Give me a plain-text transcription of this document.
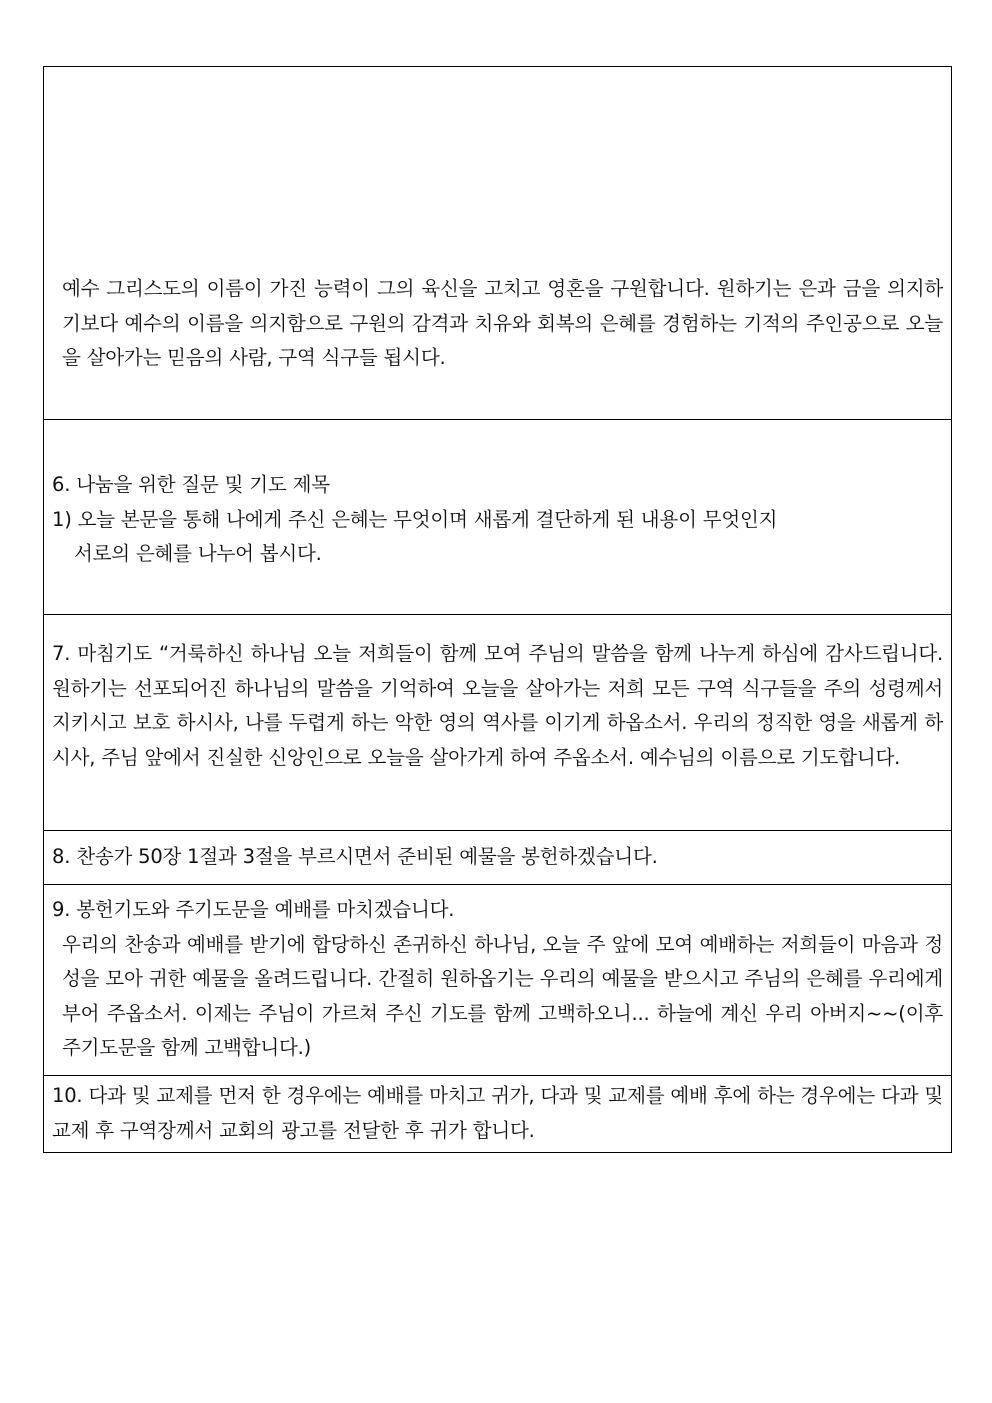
예수 그리스도의 이름이 가진 능력이 그의 육신을 고치고 영혼을 구원합니다. 원하기는 은과 금을 의지하기보다 예수의 이름을 의지함으로 구원의 감격과 치유와 회복의 은혜를 경험하는 기적의 주인공으로 오늘을 살아가는 믿음의 사람, 구역 식구들 됩시다.

6. 나눔을 위한 질문 및 기도 제목

1) 오늘 본문을 통해 나에게 주신 은혜는 무엇이며 새롭게 결단하게 된 내용이 무엇인지

서로의 은혜를 나누어 봅시다.

7. 마침기도 “거룩하신 하나님 오늘 저희들이 함께 모여 주님의 말씀을 함께 나누게 하심에 감사드립니다. 원하기는 선포되어진 하나님의 말씀을 기억하여 오늘을 살아가는 저희 모든 구역 식구들을 주의 성령께서 지키시고 보호 하시사, 나를 두렵게 하는 악한 영의 역사를 이기게 하옵소서. 우리의 정직한 영을 새롭게 하시사, 주님 앞에서 진실한 신앙인으로 오늘을 살아가게 하여 주옵소서. 예수님의 이름으로 기도합니다.

8. 찬송가 50장 1절과 3절을 부르시면서 준비된 예물을 봉헌하겠습니다.

9. 봉헌기도와 주기도문을 예배를 마치겠습니다.

우리의 찬송과 예배를 받기에 합당하신 존귀하신 하나님, 오늘 주 앞에 모여 예배하는 저희들이 마음과 정성을 모아 귀한 예물을 올려드립니다. 간절히 원하옵기는 우리의 예물을 받으시고 주님의 은혜를 우리에게 부어 주옵소서. 이제는 주님이 가르쳐 주신 기도를 함께 고백하오니... 하늘에 계신 우리 아버지~~(이후 주기도문을 함께 고백합니다.)

10. 다과 및 교제를 먼저 한 경우에는 예배를 마치고 귀가, 다과 및 교제를 예배 후에 하는 경우에는 다과 및 교제 후 구역장께서 교회의 광고를 전달한 후 귀가 합니다.
